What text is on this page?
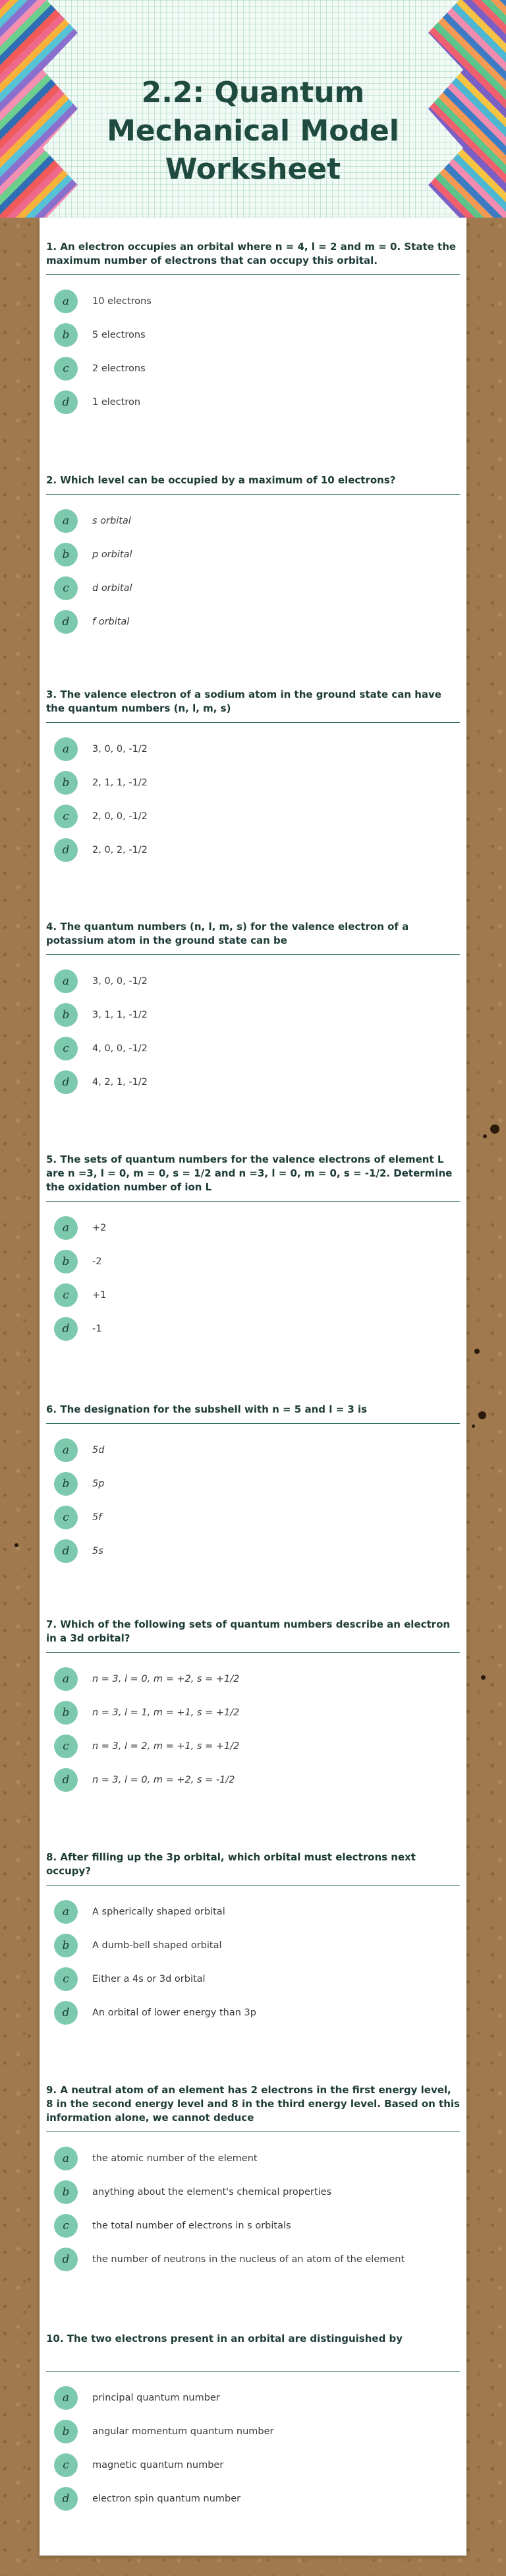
2.2: Quantum Mechanical Model Worksheet
1. An electron occupies an orbital where n = 4, l = 2 and m = 0. State the maximum number of electrons that can occupy this orbital.
a	10 electrons
b	5 electrons
c	2 electrons
d	1 electron
2. Which level can be occupied by a maximum of 10 electrons?
a	s orbital
b	p orbital
c	d orbital
d	f orbital
3. The valence electron of a sodium atom in the ground state can have the quantum numbers (n, l, m, s)
a	3, 0, 0, -1/2
b	2, 1, 1, -1/2
c	2, 0, 0, -1/2
d	2, 0, 2, -1/2
4. The quantum numbers (n, l, m, s) for the valence electron of a potassium atom in the ground state can be
a	3, 0, 0, -1/2
b	3, 1, 1, -1/2
c	4, 0, 0, -1/2
d	4, 2, 1, -1/2
5. The sets of quantum numbers for the valence electrons of element L are n =3, l = 0, m = 0, s = 1/2 and n =3, l = 0, m = 0, s = -1/2. Determine the oxidation number of ion L
a	+2
b	-2
c	+1
d	-1
6. The designation for the subshell with n = 5 and l = 3 is
a	5d
b	5p
c	5f
d	5s
7. Which of the following sets of quantum numbers describe an electron in a 3d orbital?
a	n = 3, l = 0, m = +2, s = +1/2
b	n = 3, l = 1, m = +1, s = +1/2
c	n = 3, l = 2, m = +1, s = +1/2
d	n = 3, l = 0, m = +2, s = -1/2
8. After filling up the 3p orbital, which orbital must electrons next occupy?
a	A spherically shaped orbital
b	A dumb-bell shaped orbital
c	Either a 4s or 3d orbital
d	An orbital of lower energy than 3p
9. A neutral atom of an element has 2 electrons in the first energy level, 8 in the second energy level and 8 in the third energy level. Based on this information alone, we cannot deduce
a	the atomic number of the element
b	anything about the element's chemical properties
c	the total number of electrons in s orbitals
d	the number of neutrons in the nucleus of an atom of the element
10. The two electrons present in an orbital are distinguished by
a	principal quantum number
b	angular momentum quantum number
c	magnetic quantum number
d	electron spin quantum number
